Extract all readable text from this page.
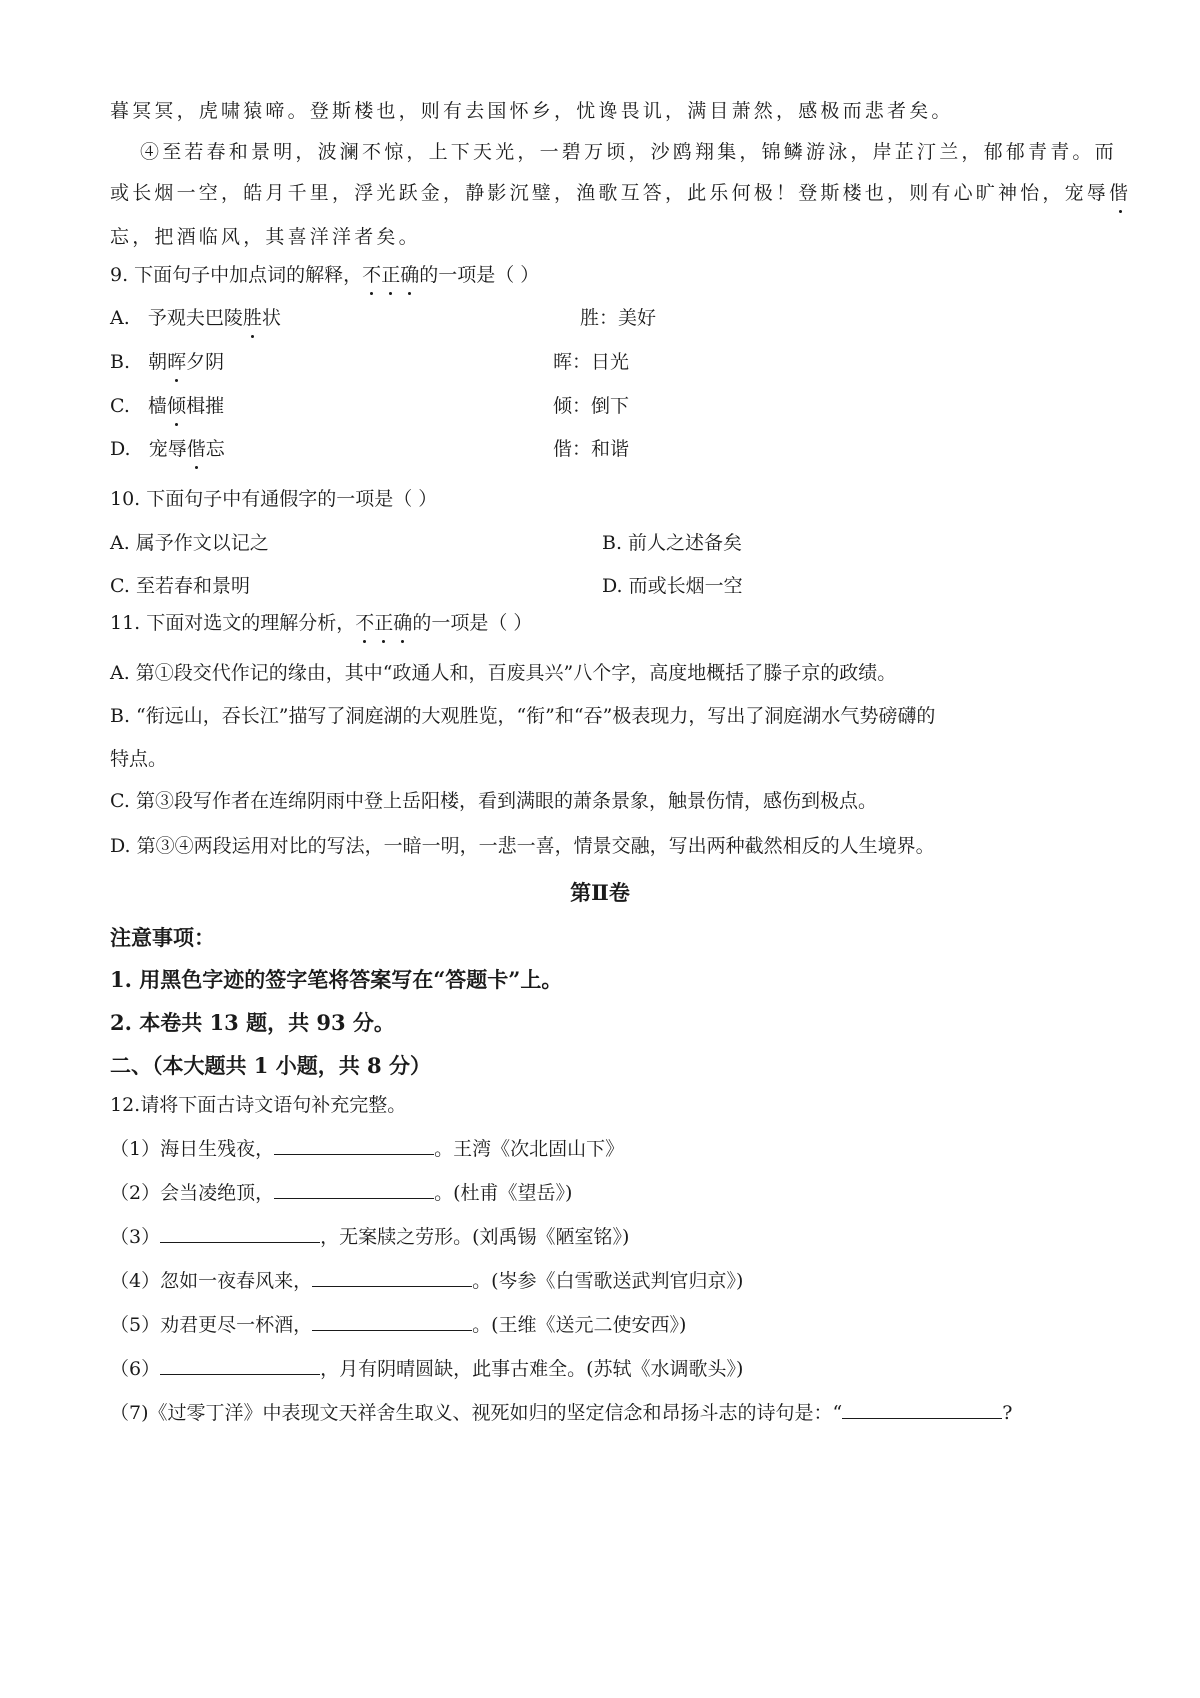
暮冥冥，虎啸猿啼。登斯楼也，则有去国怀乡，忧谗畏讥，满目萧然，感极而悲者矣。
④至若春和景明，波澜不惊，上下天光，一碧万顷，沙鸥翔集，锦鳞游泳，岸芷汀兰，郁郁青青。而
或长烟一空，皓月千里，浮光跃金，静影沉璧，渔歌互答，此乐何极！登斯楼也，则有心旷神怡，宠辱偕
忘，把酒临风，其喜洋洋者矣。
9. 下面句子中加点词的解释，不正确的一项是（ ）
A. 予观夫巴陵胜状	胜：美好
B. 朝晖夕阴	晖：日光
C. 樯倾楫摧	倾：倒下
D. 宠辱偕忘	偕：和谐
10. 下面句子中有通假字的一项是（ ）
A. 属予作文以记之	B. 前人之述备矣
C. 至若春和景明	D. 而或长烟一空
11. 下面对选文的理解分析，不正确的一项是（ ）
A. 第①段交代作记的缘由，其中“政通人和，百废具兴”八个字，高度地概括了滕子京的政绩。
B. “衔远山，吞长江”描写了洞庭湖的大观胜览，“衔”和“吞”极表现力，写出了洞庭湖水气势磅礴的
特点。
C. 第③段写作者在连绵阴雨中登上岳阳楼，看到满眼的萧条景象，触景伤情，感伤到极点。
D. 第③④两段运用对比的写法，一暗一明，一悲一喜，情景交融，写出两种截然相反的人生境界。
第Ⅱ卷
注意事项：
1. 用黑色字迹的签字笔将答案写在“答题卡”上。
2. 本卷共 13 题，共 93 分。
二、（本大题共 1 小题，共 8 分）
12.请将下面古诗文语句补充完整。
（1）海日生残夜，	。王湾《次北固山下》
（2）会当凌绝顶，	。(杜甫《望岳》)
（3）	，无案牍之劳形。(刘禹锡《陋室铭》)
（4）忽如一夜春风来，	。(岑参《白雪歌送武判官归京》)
（5）劝君更尽一杯酒，	。(王维《送元二使安西》)
（6）	，月有阴晴圆缺，此事古难全。(苏轼《水调歌头》)
（7)《过零丁洋》中表现文天祥舍生取义、视死如归的坚定信念和昂扬斗志的诗句是：“	?
